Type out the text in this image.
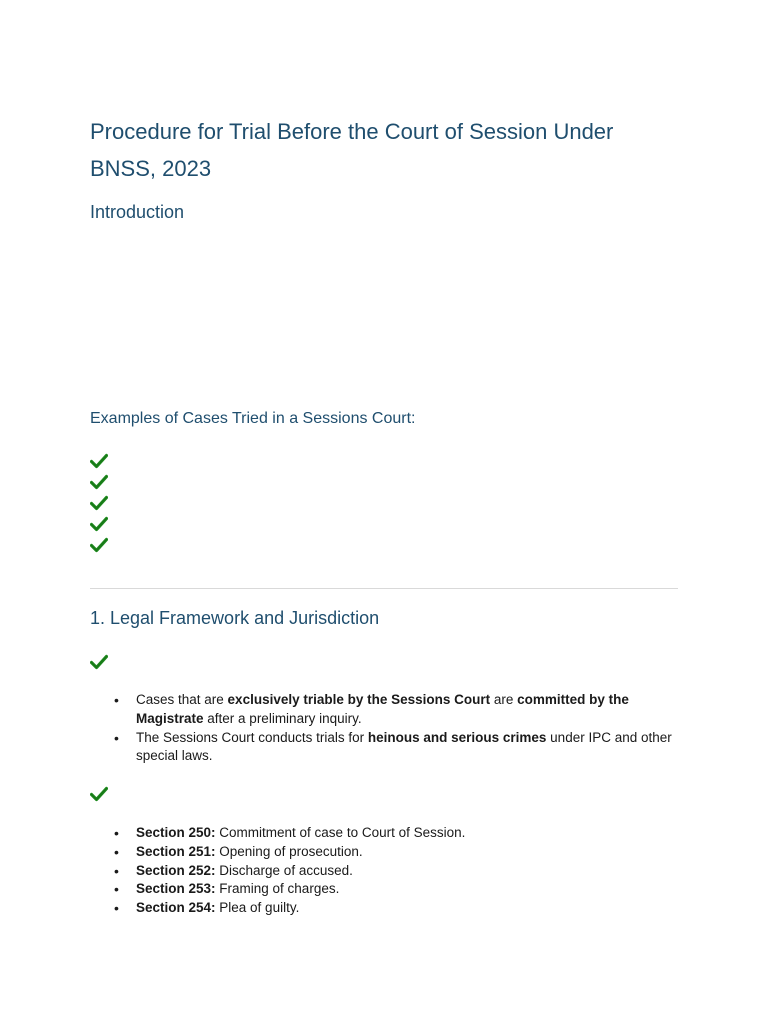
Procedure for Trial Before the Court of Session Under BNSS, 2023
Introduction
Examples of Cases Tried in a Sessions Court:
1. Legal Framework and Jurisdiction
• Cases that are exclusively triable by the Sessions Court are committed by the Magistrate after a preliminary inquiry.
• The Sessions Court conducts trials for heinous and serious crimes under IPC and other special laws.
• Section 250: Commitment of case to Court of Session.
• Section 251: Opening of prosecution.
• Section 252: Discharge of accused.
• Section 253: Framing of charges.
• Section 254: Plea of guilty.
